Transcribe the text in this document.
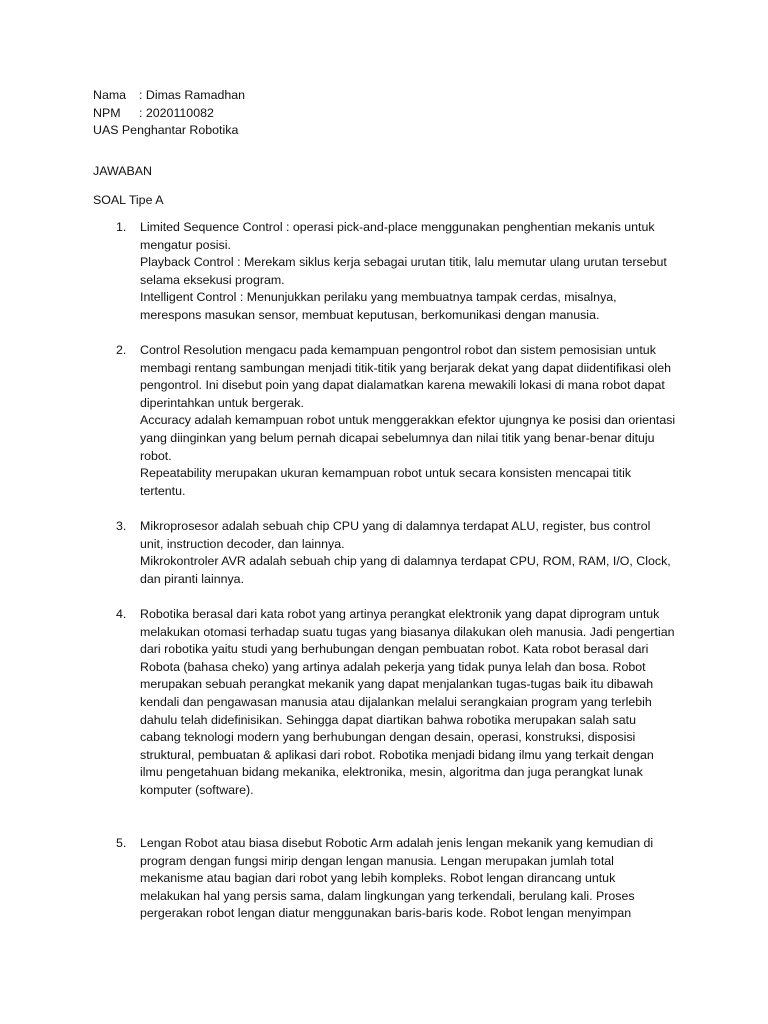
Nama	: Dimas Ramadhan
NPM	: 2020110082
UAS Penghantar Robotika
JAWABAN
SOAL Tipe A
1.	Limited Sequence Control : operasi pick-and-place menggunakan penghentian mekanis untuk mengatur posisi.

Playback Control : Merekam siklus kerja sebagai urutan titik, lalu memutar ulang urutan tersebut selama eksekusi program.

Intelligent Control : Menunjukkan perilaku yang membuatnya tampak cerdas, misalnya, merespons masukan sensor, membuat keputusan, berkomunikasi dengan manusia.

2.	Control Resolution mengacu pada kemampuan pengontrol robot dan sistem pemosisian untuk membagi rentang sambungan menjadi titik-titik yang berjarak dekat yang dapat diidentifikasi oleh pengontrol. Ini disebut poin yang dapat dialamatkan karena mewakili lokasi di mana robot dapat diperintahkan untuk bergerak.

Accuracy adalah kemampuan robot untuk menggerakkan efektor ujungnya ke posisi dan orientasi yang diinginkan yang belum pernah dicapai sebelumnya dan nilai titik yang benar-benar dituju robot.

Repeatability merupakan ukuran kemampuan robot untuk secara konsisten mencapai titik tertentu.

3.	Mikroprosesor adalah sebuah chip CPU yang di dalamnya terdapat ALU, register, bus control unit, instruction decoder, dan lainnya.

Mikrokontroler AVR adalah sebuah chip yang di dalamnya terdapat CPU, ROM, RAM, I/O, Clock, dan piranti lainnya.

4.	Robotika berasal dari kata robot yang artinya perangkat elektronik yang dapat diprogram untuk melakukan otomasi terhadap suatu tugas yang biasanya dilakukan oleh manusia. Jadi pengertian dari robotika yaitu studi yang berhubungan dengan pembuatan robot. Kata robot berasal dari Robota (bahasa cheko) yang artinya adalah pekerja yang tidak punya lelah dan bosa. Robot merupakan sebuah perangkat mekanik yang dapat menjalankan tugas-tugas baik itu dibawah kendali dan pengawasan manusia atau dijalankan melalui serangkaian program yang terlebih dahulu telah didefinisikan. Sehingga dapat diartikan bahwa robotika merupakan salah satu cabang teknologi modern yang berhubungan dengan desain, operasi, konstruksi, disposisi struktural, pembuatan & aplikasi dari robot. Robotika menjadi bidang ilmu yang terkait dengan ilmu pengetahuan bidang mekanika, elektronika, mesin, algoritma dan juga perangkat lunak komputer (software).

5.	Lengan Robot atau biasa disebut Robotic Arm adalah jenis lengan mekanik yang kemudian di program dengan fungsi mirip dengan lengan manusia. Lengan merupakan jumlah total mekanisme atau bagian dari robot yang lebih kompleks. Robot lengan dirancang untuk melakukan hal yang persis sama, dalam lingkungan yang terkendali, berulang kali. Proses pergerakan robot lengan diatur menggunakan baris-baris kode. Robot lengan menyimpan
